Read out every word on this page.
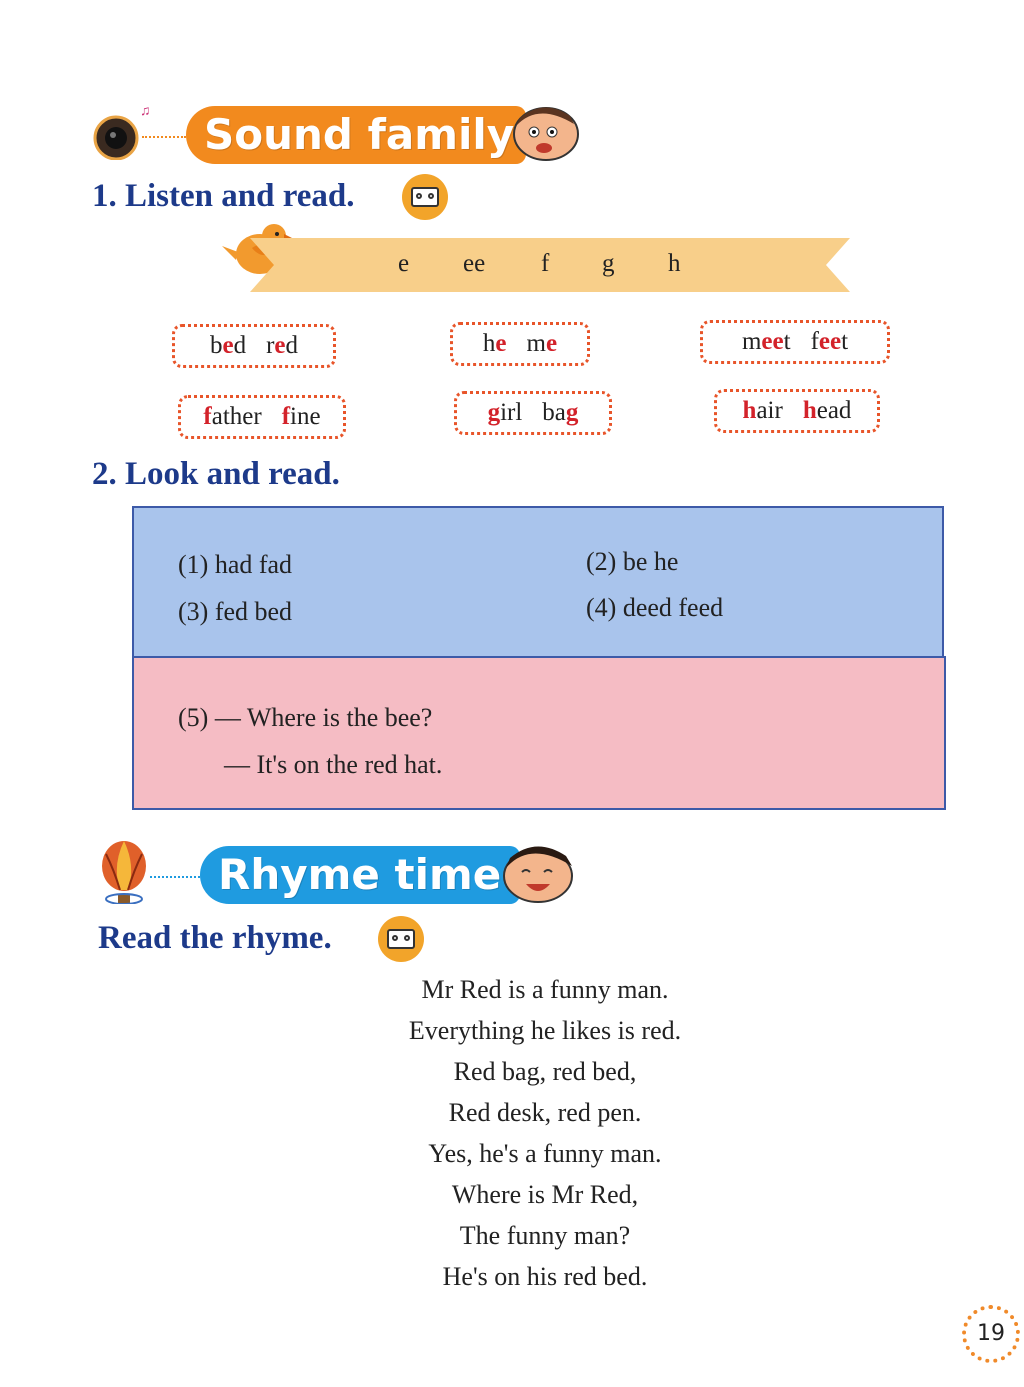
♫	Sound family
1. Listen and read.
e ee f g h
bed red	he me	meet feet
father fine	girl bag	hair head
2. Look and read.
(1) had fad	(2) be he
(3) fed bed	(4) deed feed
(5) — Where is the bee?
— It's on the red hat.
Rhyme time
Read the rhyme.
Mr Red is a funny man.
Everything he likes is red.
Red bag, red bed,
Red desk, red pen.
Yes, he's a funny man.
Where is Mr Red,
The funny man?
He's on his red bed.
19
